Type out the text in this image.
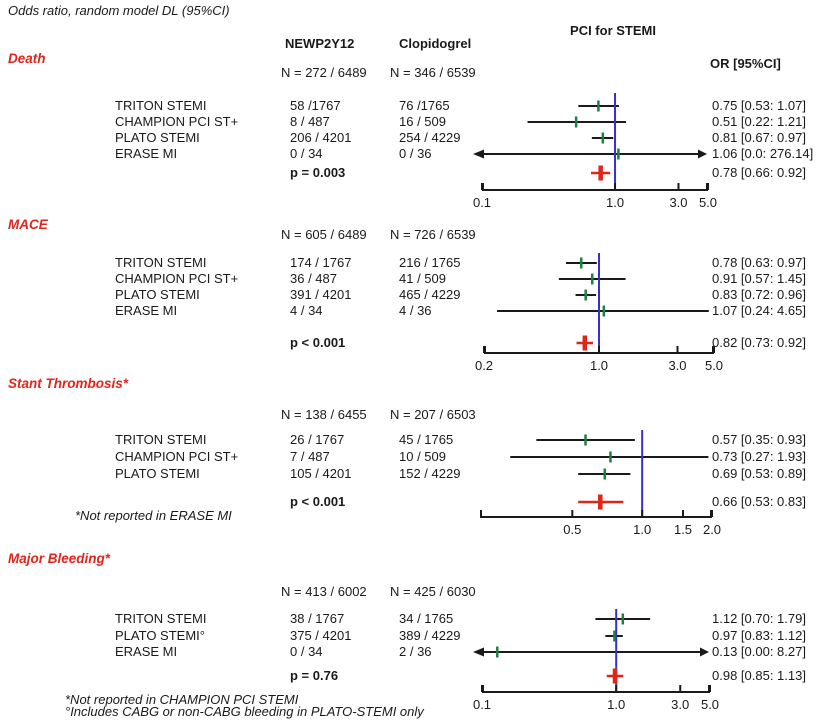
Odds ratio, random model DL (95%CI)
PCI for STEMI
NEWP2Y12	Clopidogrel
OR [95%CI]
Death
N = 272 / 6489 N = 346 / 6539
TRITON STEMI	58 /1767	76 /1765	0.75 [0.53: 1.07]
CHAMPION PCI ST+	8 / 487	16 / 509	0.51 [0.22: 1.21]
PLATO STEMI	206 / 4201	254 / 4229	0.81 [0.67: 0.97]
ERASE MI	0 / 34	0 / 36	1.06 [0.0: 276.14]
p = 0.003	0.78 [0.66: 0.92]
0.1	1.0	3.0 5.0
MACE
N = 605 / 6489 N = 726 / 6539
TRITON STEMI	174 / 1767	216 / 1765	0.78 [0.63: 0.97]
CHAMPION PCI ST+	36 / 487	41 / 509	0.91 [0.57: 1.45]
PLATO STEMI	391 / 4201	465 / 4229	0.83 [0.72: 0.96]
ERASE MI	4 / 34	4 / 36	1.07 [0.24: 4.65]
p < 0.001	0.82 [0.73: 0.92]
0.2	1.0	3.0 5.0
Stant Thrombosis*
N = 138 / 6455 N = 207 / 6503
TRITON STEMI	26 / 1767	45 / 1765	0.57 [0.35: 0.93]
CHAMPION PCI ST+	7 / 487	10 / 509	0.73 [0.27: 1.93]
PLATO STEMI	105 / 4201	152 / 4229	0.69 [0.53: 0.89]
p < 0.001	0.66 [0.53: 0.83]
*Not reported in ERASE MI
0.5	1.0 1.5 2.0
Major Bleeding*
N = 413 / 6002 N = 425 / 6030
TRITON STEMI	38 / 1767	34 / 1765	1.12 [0.70: 1.79]
PLATO STEMI°	375 / 4201	389 / 4229	0.97 [0.83: 1.12]
ERASE MI	0 / 34	2 / 36	0.13 [0.00: 8.27]
p = 0.76	0.98 [0.85: 1.13]
*Not reported in CHAMPION PCI STEMI
°Includes CABG or non-CABG bleeding in PLATO-STEMI only	0.1	1.0	3.0 5.0
